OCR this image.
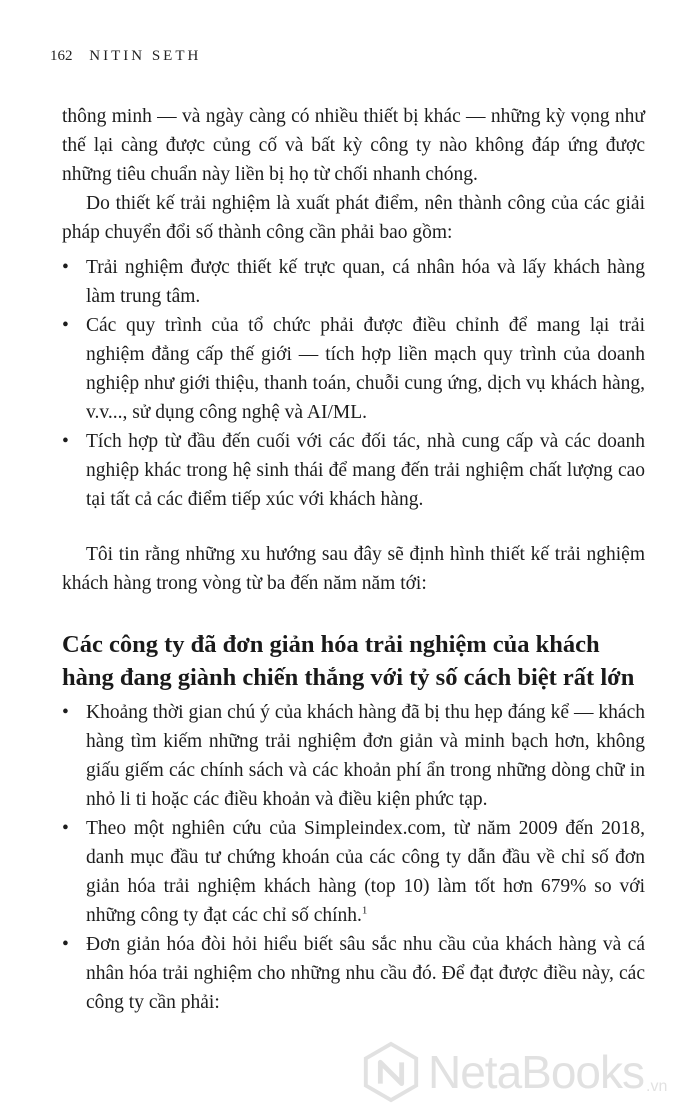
162 NITIN SETH

thông minh — và ngày càng có nhiều thiết bị khác — những kỳ vọng như thế lại càng được củng cố và bất kỳ công ty nào không đáp ứng được những tiêu chuẩn này liền bị họ từ chối nhanh chóng.

Do thiết kế trải nghiệm là xuất phát điểm, nên thành công của các giải pháp chuyển đổi số thành công cần phải bao gồm:

• Trải nghiệm được thiết kế trực quan, cá nhân hóa và lấy khách hàng làm trung tâm.
• Các quy trình của tổ chức phải được điều chỉnh để mang lại trải nghiệm đẳng cấp thế giới — tích hợp liền mạch quy trình của doanh nghiệp như giới thiệu, thanh toán, chuỗi cung ứng, dịch vụ khách hàng, v.v..., sử dụng công nghệ và AI/ML.
• Tích hợp từ đầu đến cuối với các đối tác, nhà cung cấp và các doanh nghiệp khác trong hệ sinh thái để mang đến trải nghiệm chất lượng cao tại tất cả các điểm tiếp xúc với khách hàng.

Tôi tin rằng những xu hướng sau đây sẽ định hình thiết kế trải nghiệm khách hàng trong vòng từ ba đến năm năm tới:

Các công ty đã đơn giản hóa trải nghiệm của khách hàng đang giành chiến thắng với tỷ số cách biệt rất lớn
• Khoảng thời gian chú ý của khách hàng đã bị thu hẹp đáng kể — khách hàng tìm kiếm những trải nghiệm đơn giản và minh bạch hơn, không giấu giếm các chính sách và các khoản phí ẩn trong những dòng chữ in nhỏ li ti hoặc các điều khoản và điều kiện phức tạp.
• Theo một nghiên cứu của Simpleindex.com, từ năm 2009 đến 2018, danh mục đầu tư chứng khoán của các công ty dẫn đầu về chỉ số đơn giản hóa trải nghiệm khách hàng (top 10) làm tốt hơn 679% so với những công ty đạt các chỉ số chính.$^1$
• Đơn giản hóa đòi hỏi hiểu biết sâu sắc nhu cầu của khách hàng và cá nhân hóa trải nghiệm cho những nhu cầu đó. Để đạt được điều này, các công ty cần phải:
NetaBooks .vn
